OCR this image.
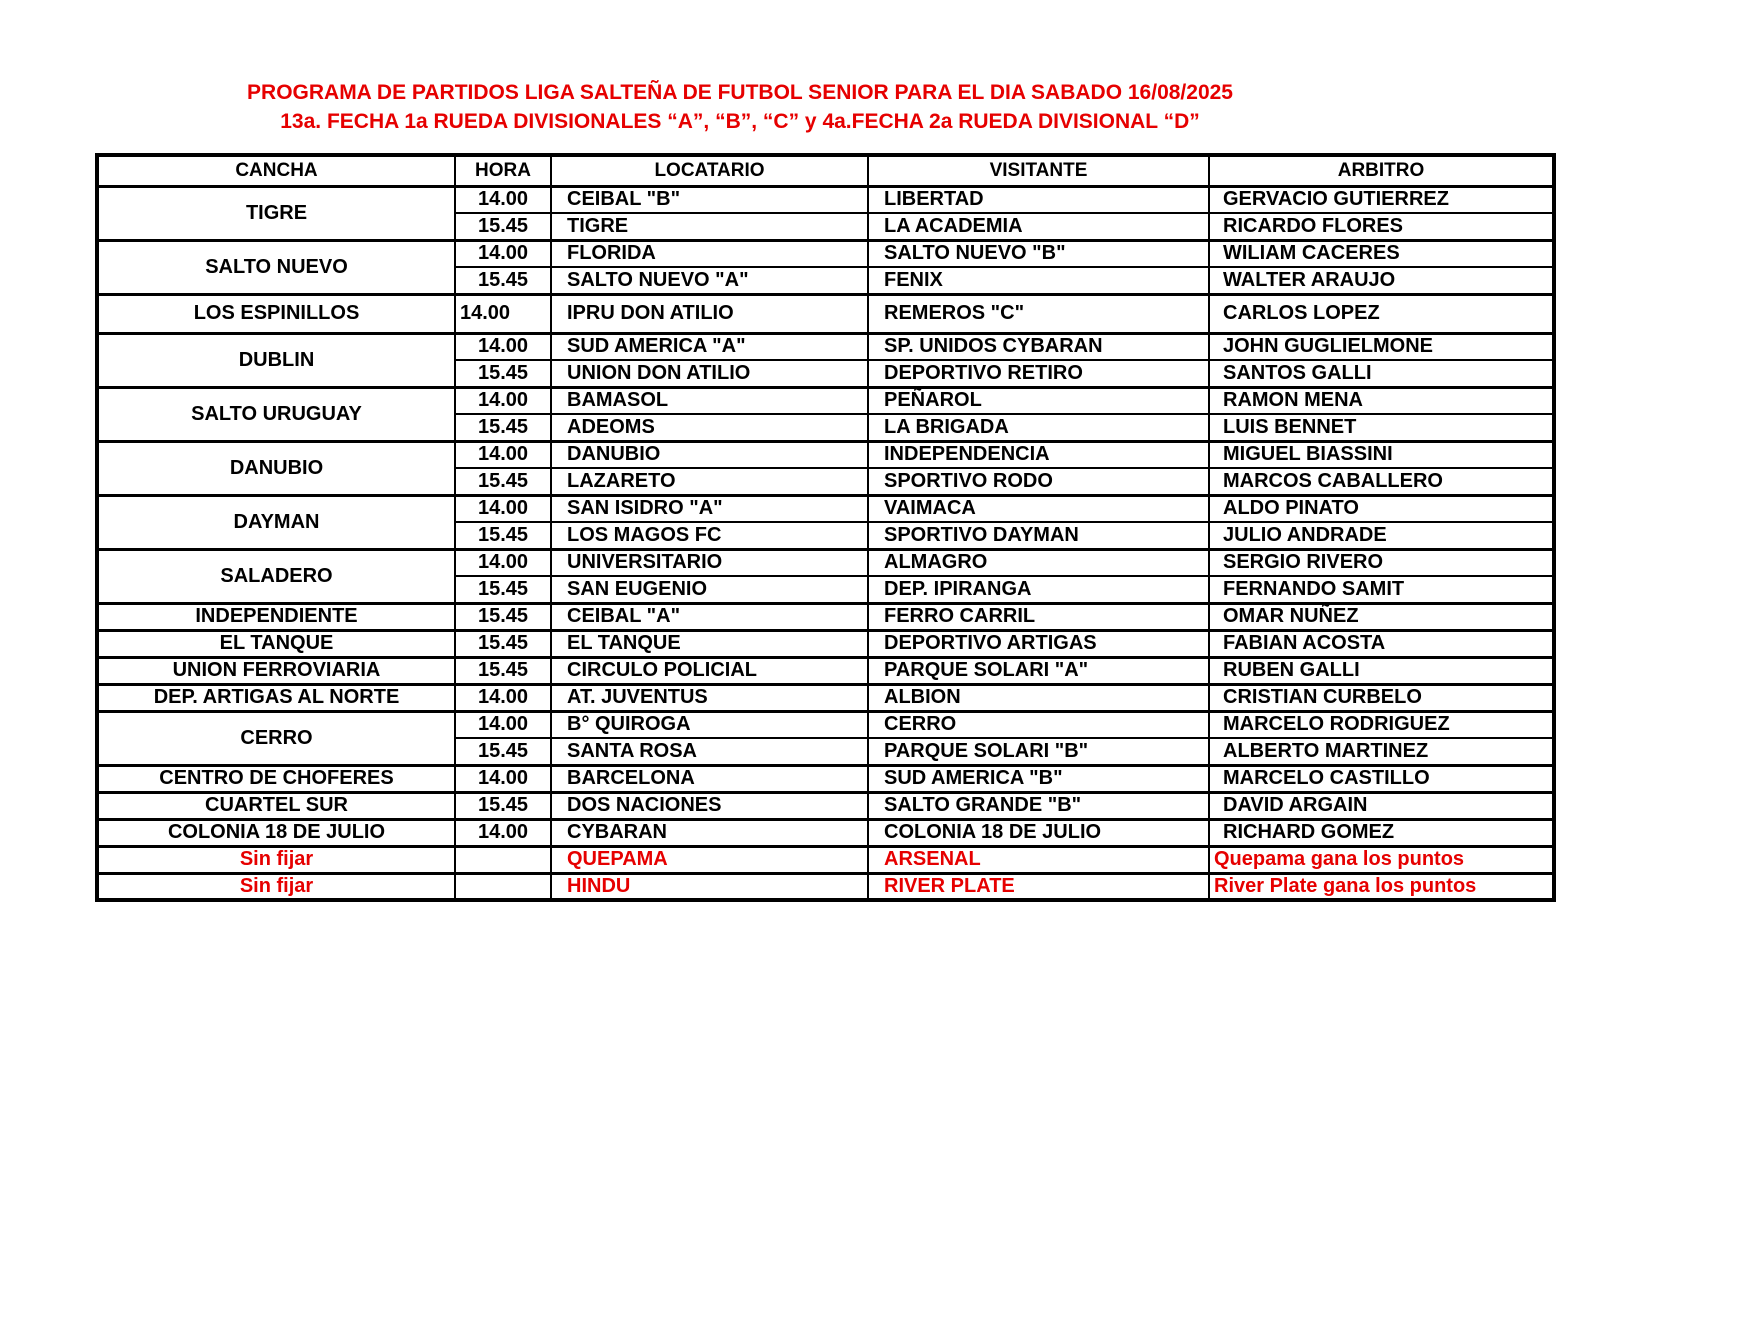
PROGRAMA DE PARTIDOS LIGA SALTEÑA DE FUTBOL SENIOR PARA EL DIA SABADO 16/08/2025
13a. FECHA 1a RUEDA DIVISIONALES “A”, “B”, “C” y 4a.FECHA 2a RUEDA DIVISIONAL “D”
CANCHA	HORA	LOCATARIO	VISITANTE	ARBITRO
TIGRE	14.00	CEIBAL "B"	LIBERTAD	GERVACIO GUTIERREZ
	15.45	TIGRE	LA ACADEMIA	RICARDO FLORES
SALTO NUEVO	14.00	FLORIDA	SALTO NUEVO "B"	WILIAM CACERES
	15.45	SALTO NUEVO "A"	FENIX	WALTER ARAUJO
LOS ESPINILLOS	14.00	IPRU DON ATILIO	REMEROS "C"	CARLOS LOPEZ
DUBLIN	14.00	SUD AMERICA "A"	SP. UNIDOS CYBARAN	JOHN GUGLIELMONE
	15.45	UNION DON ATILIO	DEPORTIVO RETIRO	SANTOS GALLI
SALTO URUGUAY	14.00	BAMASOL	PEÑAROL	RAMON MENA
	15.45	ADEOMS	LA BRIGADA	LUIS BENNET
DANUBIO	14.00	DANUBIO	INDEPENDENCIA	MIGUEL BIASSINI
	15.45	LAZARETO	SPORTIVO RODO	MARCOS CABALLERO
DAYMAN	14.00	SAN ISIDRO "A"	VAIMACA	ALDO PINATO
	15.45	LOS MAGOS FC	SPORTIVO DAYMAN	JULIO ANDRADE
SALADERO	14.00	UNIVERSITARIO	ALMAGRO	SERGIO RIVERO
	15.45	SAN EUGENIO	DEP. IPIRANGA	FERNANDO SAMIT
INDEPENDIENTE	15.45	CEIBAL "A"	FERRO CARRIL	OMAR NUÑEZ
EL TANQUE	15.45	EL TANQUE	DEPORTIVO ARTIGAS	FABIAN ACOSTA
UNION FERROVIARIA	15.45	CIRCULO POLICIAL	PARQUE SOLARI "A"	RUBEN GALLI
DEP. ARTIGAS AL NORTE	14.00	AT. JUVENTUS	ALBION	CRISTIAN CURBELO
CERRO	14.00	B° QUIROGA	CERRO	MARCELO RODRIGUEZ
	15.45	SANTA ROSA	PARQUE SOLARI "B"	ALBERTO MARTINEZ
CENTRO DE CHOFERES	14.00	BARCELONA	SUD AMERICA "B"	MARCELO CASTILLO
CUARTEL SUR	15.45	DOS NACIONES	SALTO GRANDE "B"	DAVID ARGAIN
COLONIA 18 DE JULIO	14.00	CYBARAN	COLONIA 18 DE JULIO	RICHARD GOMEZ
Sin fijar		QUEPAMA	ARSENAL	Quepama gana los puntos
Sin fijar		HINDU	RIVER PLATE	River Plate gana los puntos
